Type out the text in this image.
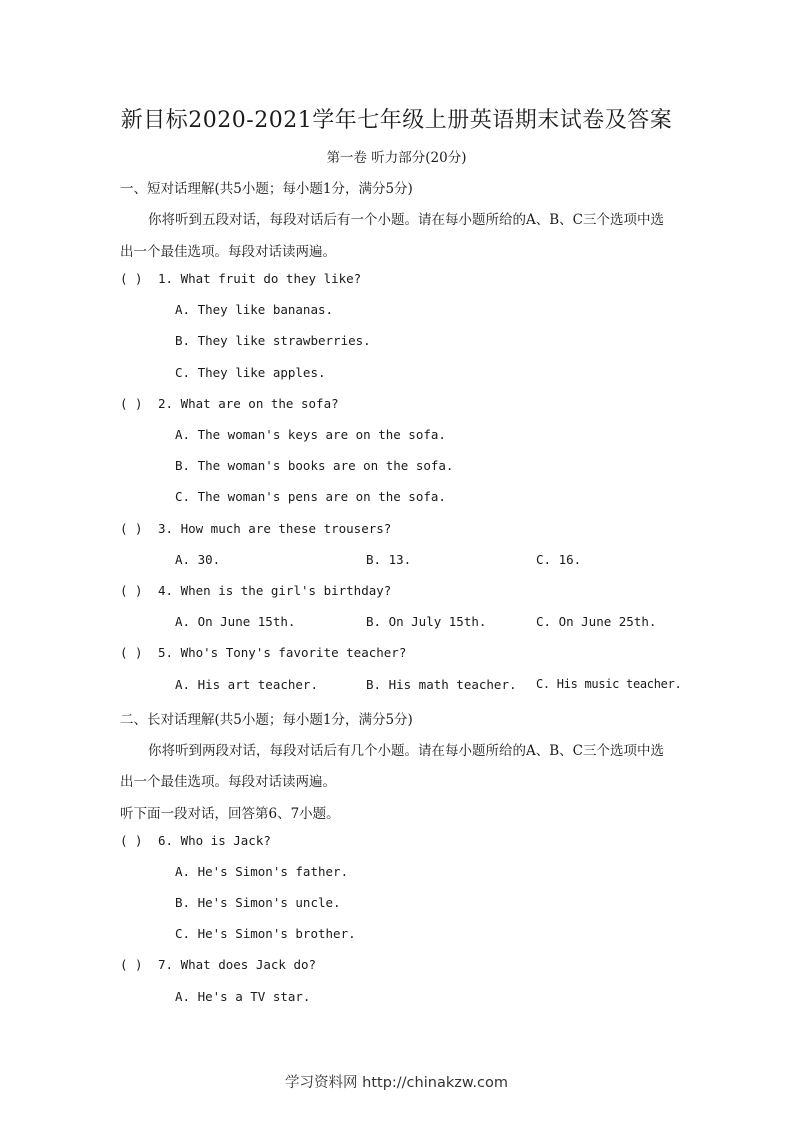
新目标2020-2021学年七年级上册英语期末试卷及答案
第一卷 听力部分(20分)
一、短对话理解(共5小题；每小题1分，满分5分)
你将听到五段对话，每段对话后有一个小题。请在每小题所给的A、B、C三个选项中选
出一个最佳选项。每段对话读两遍。
( ) 1. What fruit do they like?
A. They like bananas.
B. They like strawberries.
C. They like apples.
( ) 2. What are on the sofa?
A. The woman's keys are on the sofa.
B. The woman's books are on the sofa.
C. The woman's pens are on the sofa.
( ) 3. How much are these trousers?
A. 30.	B. 13.	C. 16.
( ) 4. When is the girl's birthday?
A. On June 15th.	B. On July 15th.	C. On June 25th.
( ) 5. Who's Tony's favorite teacher?
A. His art teacher.	B. His math teacher. C. His music teacher.
二、长对话理解(共5小题；每小题1分，满分5分)
你将听到两段对话，每段对话后有几个小题。请在每小题所给的A、B、C三个选项中选
出一个最佳选项。每段对话读两遍。
听下面一段对话，回答第6、7小题。
( ) 6. Who is Jack?
A. He's Simon's father.
B. He's Simon's uncle.
C. He's Simon's brother.
( ) 7. What does Jack do?
A. He's a TV star.
学习资料网 http://chinakzw.com
